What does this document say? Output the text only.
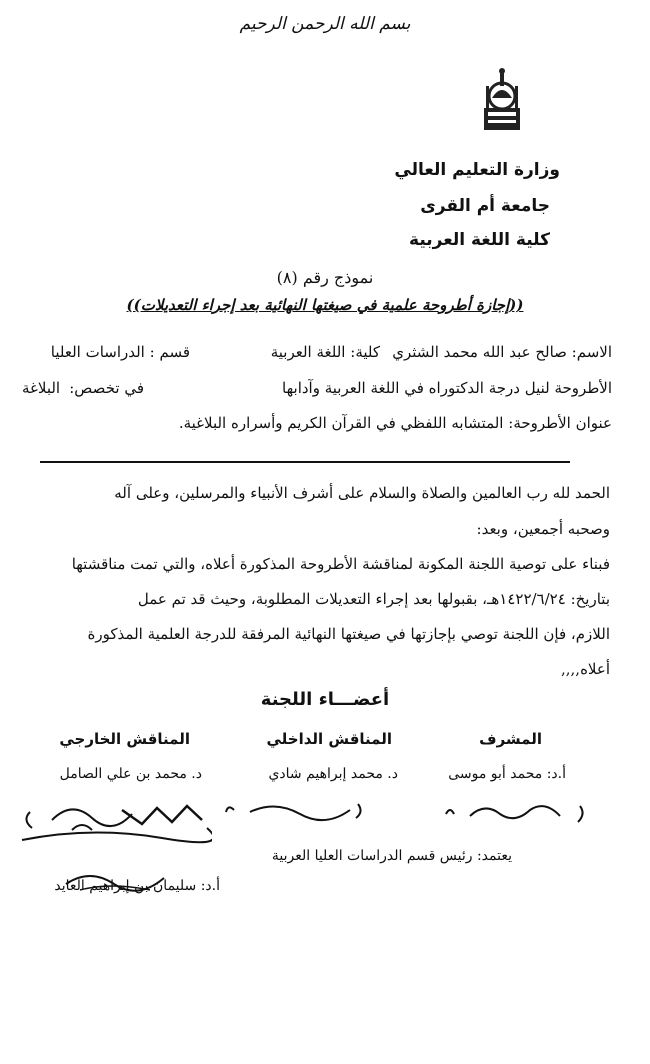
بسم الله الرحمن الرحيم
وزارة التعليم العالي
جامعة أم القرى
كلية اللغة العربية
نموذج رقم (٨)
((إجازة أطروحة علمية في صيغتها النهائية بعد إجراء التعديلات))
الاسم: صالح عبد الله محمد الشثري
كلية: اللغة العربية
قسم : الدراسات العليا
الأطروحة لنيل درجة الدكتوراه في اللغة العربية وآدابها
في تخصص:
البلاغة
عنوان الأطروحة: المتشابه اللفظي في القرآن الكريم وأسراره البلاغية.
الحمد لله رب العالمين والصلاة والسلام على أشرف الأنبياء والمرسلين، وعلى آله
وصحبه أجمعين، وبعد:
فبناء على توصية اللجنة المكونة لمناقشة الأطروحة المذكورة أعلاه، والتي تمت مناقشتها
بتاريخ: ١٤٢٢/٦/٢٤هـ، بقبولها بعد إجراء التعديلات المطلوبة، وحيث قد تم عمل
اللازم، فإن اللجنة توصي بإجازتها في صيغتها النهائية المرفقة للدرجة العلمية المذكورة
أعلاه,,,,
أعضـــاء اللجنة
المشرف
المناقش الداخلي
المناقش الخارجي
أ.د: محمد أبو موسى
د. محمد إبراهيم شادي
د. محمد بن علي الصامل
يعتمد: رئيس قسم الدراسات العليا العربية
أ.د: سليمان بن إبراهيم العايد
